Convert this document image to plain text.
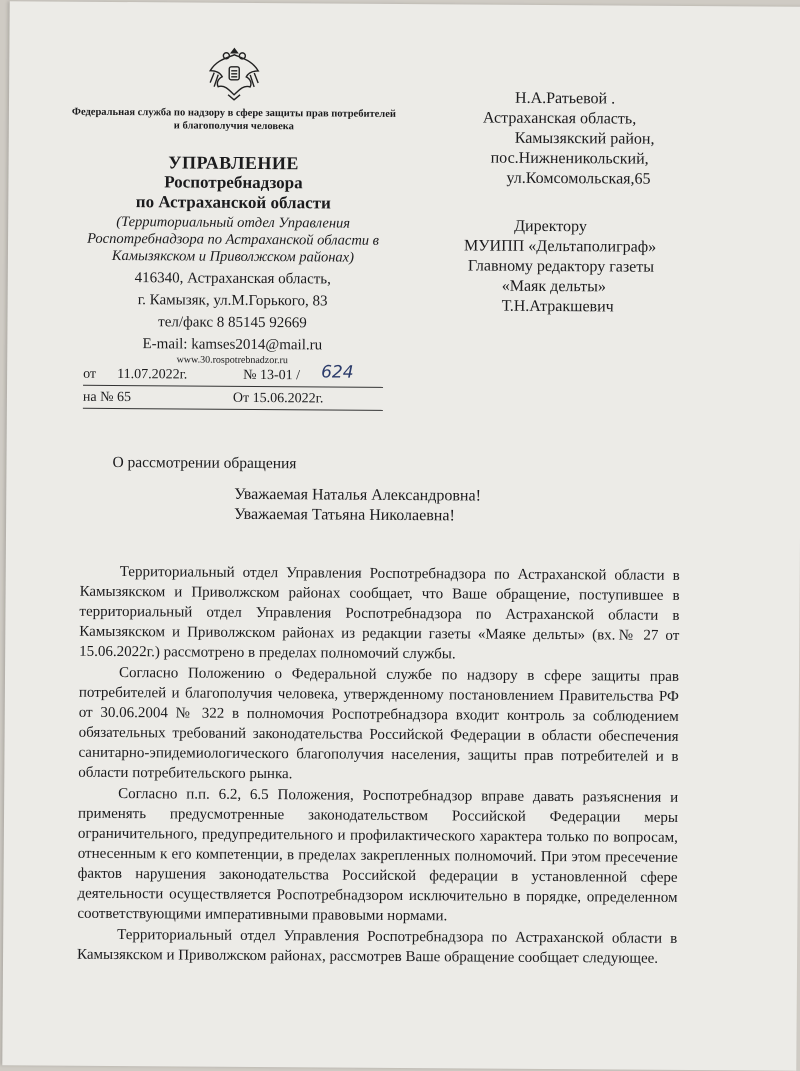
Федеральная служба по надзору в сфере защиты прав потребителей и благополучия человека
УПРАВЛЕНИЕ
Роспотребнадзора
по Астраханской области
(Территориальный отдел Управления Роспотребнадзора по Астраханской области в Камызякском и Приволжском районах)
416340, Астраханская область,
г. Камызяк, ул.М.Горького, 83
тел/факс 8 85145 92669
E-mail: kamses2014@mail.ru
www.30.rospotrebnadzor.ru
от 11.07.2022г.	№ 13-01 / 624
на № 65	От 15.06.2022г.
Н.А.Ратьевой .
Астраханская область,
Камызякский район,
пос.Нижненикольский,
ул.Комсомольская,65
Директору
МУИПП «Дельтаполиграф»
Главному редактору газеты
«Маяк дельты»
Т.Н.Атракшевич
О рассмотрении обращения
Уважаемая Наталья Александровна!
Уважаемая Татьяна Николаевна!

Территориальный отдел Управления Роспотребнадзора по Астраханской области в Камызякском и Приволжском районах сообщает, что Ваше обращение, поступившее в территориальный отдел Управления Роспотребнадзора по Астраханской области в Камызякском и Приволжском районах из редакции газеты «Маяке дельты» (вх.№ 27 от 15.06.2022г.) рассмотрено в пределах полномочий службы.

Согласно Положению о Федеральной службе по надзору в сфере защиты прав потребителей и благополучия человека, утвержденному постановлением Правительства РФ от 30.06.2004 № 322 в полномочия Роспотребнадзора входит контроль за соблюдением обязательных требований законодательства Российской Федерации в области обеспечения санитарно-эпидемиологического благополучия населения, защиты прав потребителей и в области потребительского рынка.

Согласно п.п. 6.2, 6.5 Положения, Роспотребнадзор вправе давать разъяснения и применять предусмотренные законодательством Российской Федерации меры ограничительного, предупредительного и профилактического характера только по вопросам, отнесенным к его компетенции, в пределах закрепленных полномочий. При этом пресечение фактов нарушения законодательства Российской федерации в установленной сфере деятельности осуществляется Роспотребнадзором исключительно в порядке, определенном соответствующими императивными правовыми нормами.

Территориальный отдел Управления Роспотребнадзора по Астраханской области в Камызякском и Приволжском районах, рассмотрев Ваше обращение сообщает следующее.
